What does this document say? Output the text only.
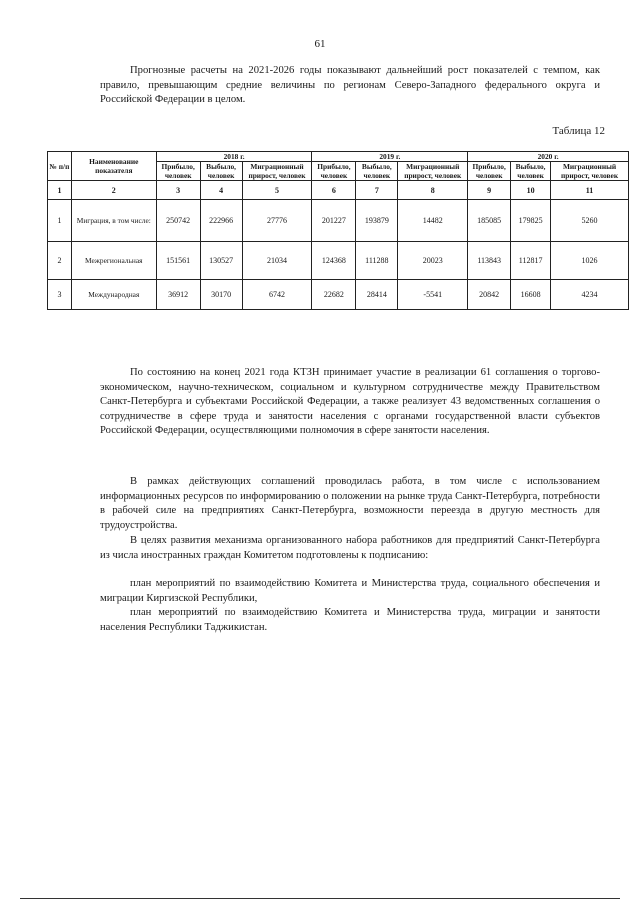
61

Прогнозные расчеты на 2021-2026 годы показывают дальнейший рост показателей с темпом, как правило, превышающим средние величины по регионам Северо-Западного федерального округа и Российской Федерации в целом.

Таблица 12
№ п/п	Наименование показателя	2018 г.			2019 г.			2020 г.		
		Прибыло, человек	Выбыло, человек	Миграционный прирост, человек	Прибыло, человек	Выбыло, человек	Миграционный прирост, человек	Прибыло, человек	Выбыло, человек	Миграционный прирост, человек
1	2	3	4	5	6	7	8	9	10	11
1	Миграция, в том числе:	250742	222966	27776	201227	193879	14482	185085	179825	5260
2	Межрегиональная	151561	130527	21034	124368	111288	20023	113843	112817	1026
3	Международная	36912	30170	6742	22682	28414	-5541	20842	16608	4234

По состоянию на конец 2021 года КТЗН принимает участие в реализации 61 соглашения о торгово-экономическом, научно-техническом, социальном и культурном сотрудничестве между Правительством Санкт-Петербурга и субъектами Российской Федерации, а также реализует 43 ведомственных соглашения о сотрудничестве в сфере труда и занятости населения с органами государственной власти субъектов Российской Федерации, осуществляющими полномочия в сфере занятости населения.

В рамках действующих соглашений проводилась работа, в том числе с использованием информационных ресурсов по информированию о положении на рынке труда Санкт-Петербурга, потребности в рабочей силе на предприятиях Санкт-Петербурга, возможности переезда в другую местность для трудоустройства.

В целях развития механизма организованного набора работников для предприятий Санкт-Петербурга из числа иностранных граждан Комитетом подготовлены к подписанию:

план мероприятий по взаимодействию Комитета и Министерства труда, социального обеспечения и миграции Киргизской Республики,

план мероприятий по взаимодействию Комитета и Министерства труда, миграции и занятости населения Республики Таджикистан.
